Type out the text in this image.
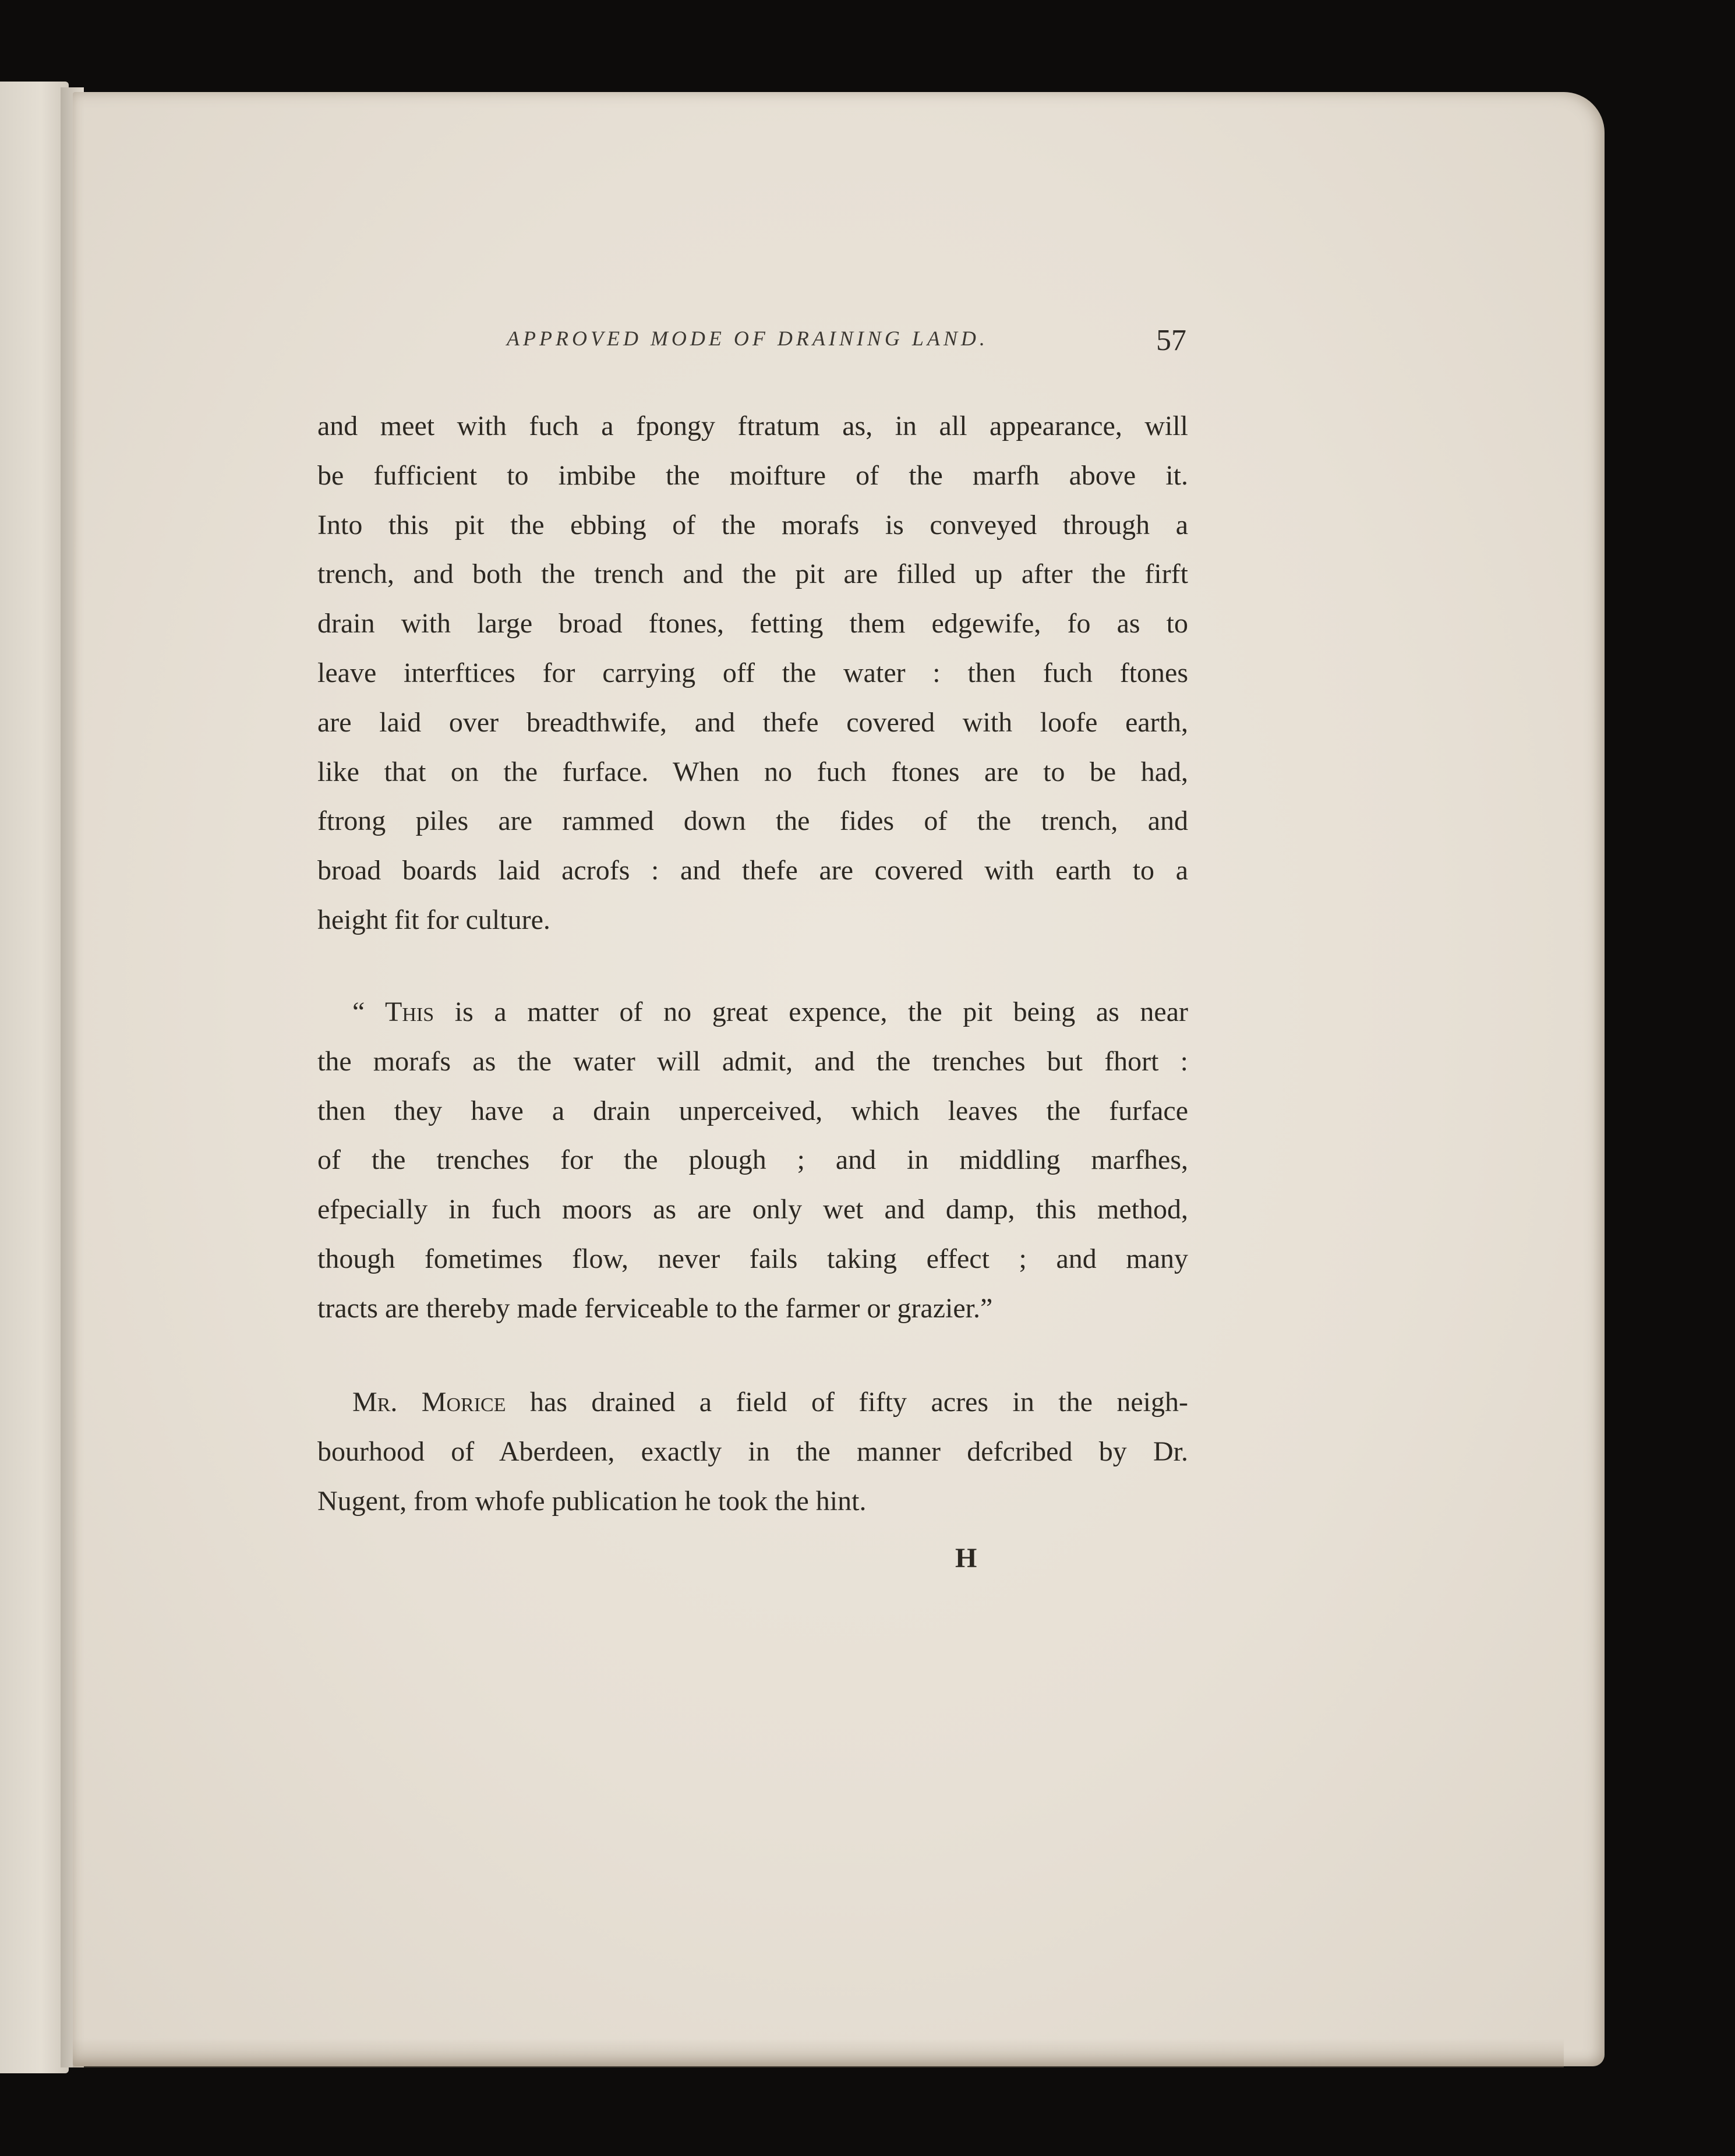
APPROVED MODE OF DRAINING LAND.	57
and meet with fuch a fpongy ftratum as, in all appearance, will
be fufficient to imbibe the moifture of the marfh above it.
Into this pit the ebbing of the morafs is conveyed through a
trench, and both the trench and the pit are filled up after the firft
drain with large broad ftones, fetting them edgewife, fo as to
leave interftices for carrying off the water : then fuch ftones
are laid over breadthwife, and thefe covered with loofe earth,
like that on the furface. When no fuch ftones are to be had,
ftrong piles are rammed down the fides of the trench, and
broad boards laid acrofs : and thefe are covered with earth to a
height fit for culture.
“ This is a matter of no great expence, the pit being as near
the morafs as the water will admit, and the trenches but fhort :
then they have a drain unperceived, which leaves the furface
of the trenches for the plough ; and in middling marfhes,
efpecially in fuch moors as are only wet and damp, this method,
though fometimes flow, never fails taking effect ; and many
tracts are thereby made ferviceable to the farmer or grazier.”
Mr. Morice has drained a field of fifty acres in the neigh-
bourhood of Aberdeen, exactly in the manner defcribed by Dr.
Nugent, from whofe publication he took the hint.
H
